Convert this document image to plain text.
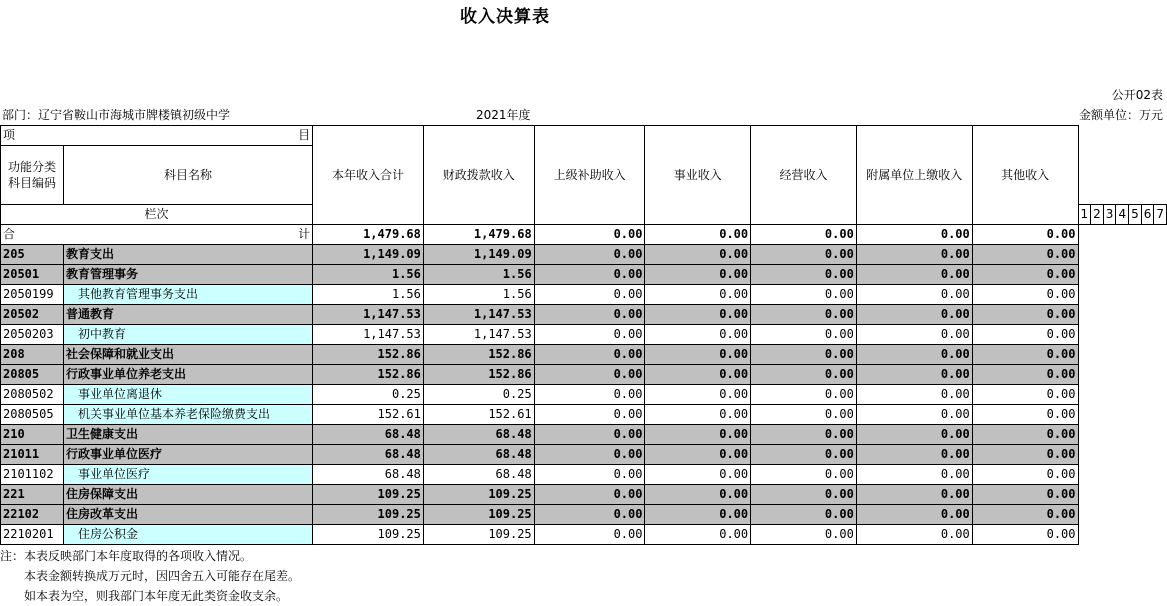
收入决算表
公开02表
部门：辽宁省鞍山市海城市牌楼镇初级中学	2021年度	金额单位：万元
项 目		本年收入合计	财政拨款收入	上级补助收入	事业收入	经营收入	附属单位上缴收入	其他收入							
功能分类
科目编码	科目名称														
栏次									1	2	3	4	5	6	7

合 计		1,479.68	1,479.68	0.00	0.00	0.00	0.00	0.00							
205	教育支出	1,149.09	1,149.09	0.00	0.00	0.00	0.00	0.00							
20501	教育管理事务	1.56	1.56	0.00	0.00	0.00	0.00	0.00							
2050199	其他教育管理事务支出	1.56	1.56	0.00	0.00	0.00	0.00	0.00							
20502	普通教育	1,147.53	1,147.53	0.00	0.00	0.00	0.00	0.00							
2050203	初中教育	1,147.53	1,147.53	0.00	0.00	0.00	0.00	0.00							
208	社会保障和就业支出	152.86	152.86	0.00	0.00	0.00	0.00	0.00							
20805	行政事业单位养老支出	152.86	152.86	0.00	0.00	0.00	0.00	0.00							
2080502	事业单位离退休	0.25	0.25	0.00	0.00	0.00	0.00	0.00							
2080505	机关事业单位基本养老保险缴费支出	152.61	152.61	0.00	0.00	0.00	0.00	0.00							
210	卫生健康支出	68.48	68.48	0.00	0.00	0.00	0.00	0.00							
21011	行政事业单位医疗	68.48	68.48	0.00	0.00	0.00	0.00	0.00							
2101102	事业单位医疗	68.48	68.48	0.00	0.00	0.00	0.00	0.00							
221	住房保障支出	109.25	109.25	0.00	0.00	0.00	0.00	0.00							
22102	住房改革支出	109.25	109.25	0.00	0.00	0.00	0.00	0.00							
2210201	住房公积金	109.25	109.25	0.00	0.00	0.00	0.00	0.00							
注：本表反映部门本年度取得的各项收入情况。
　　本表金额转换成万元时，因四舍五入可能存在尾差。
　　如本表为空，则我部门本年度无此类资金收支余。
